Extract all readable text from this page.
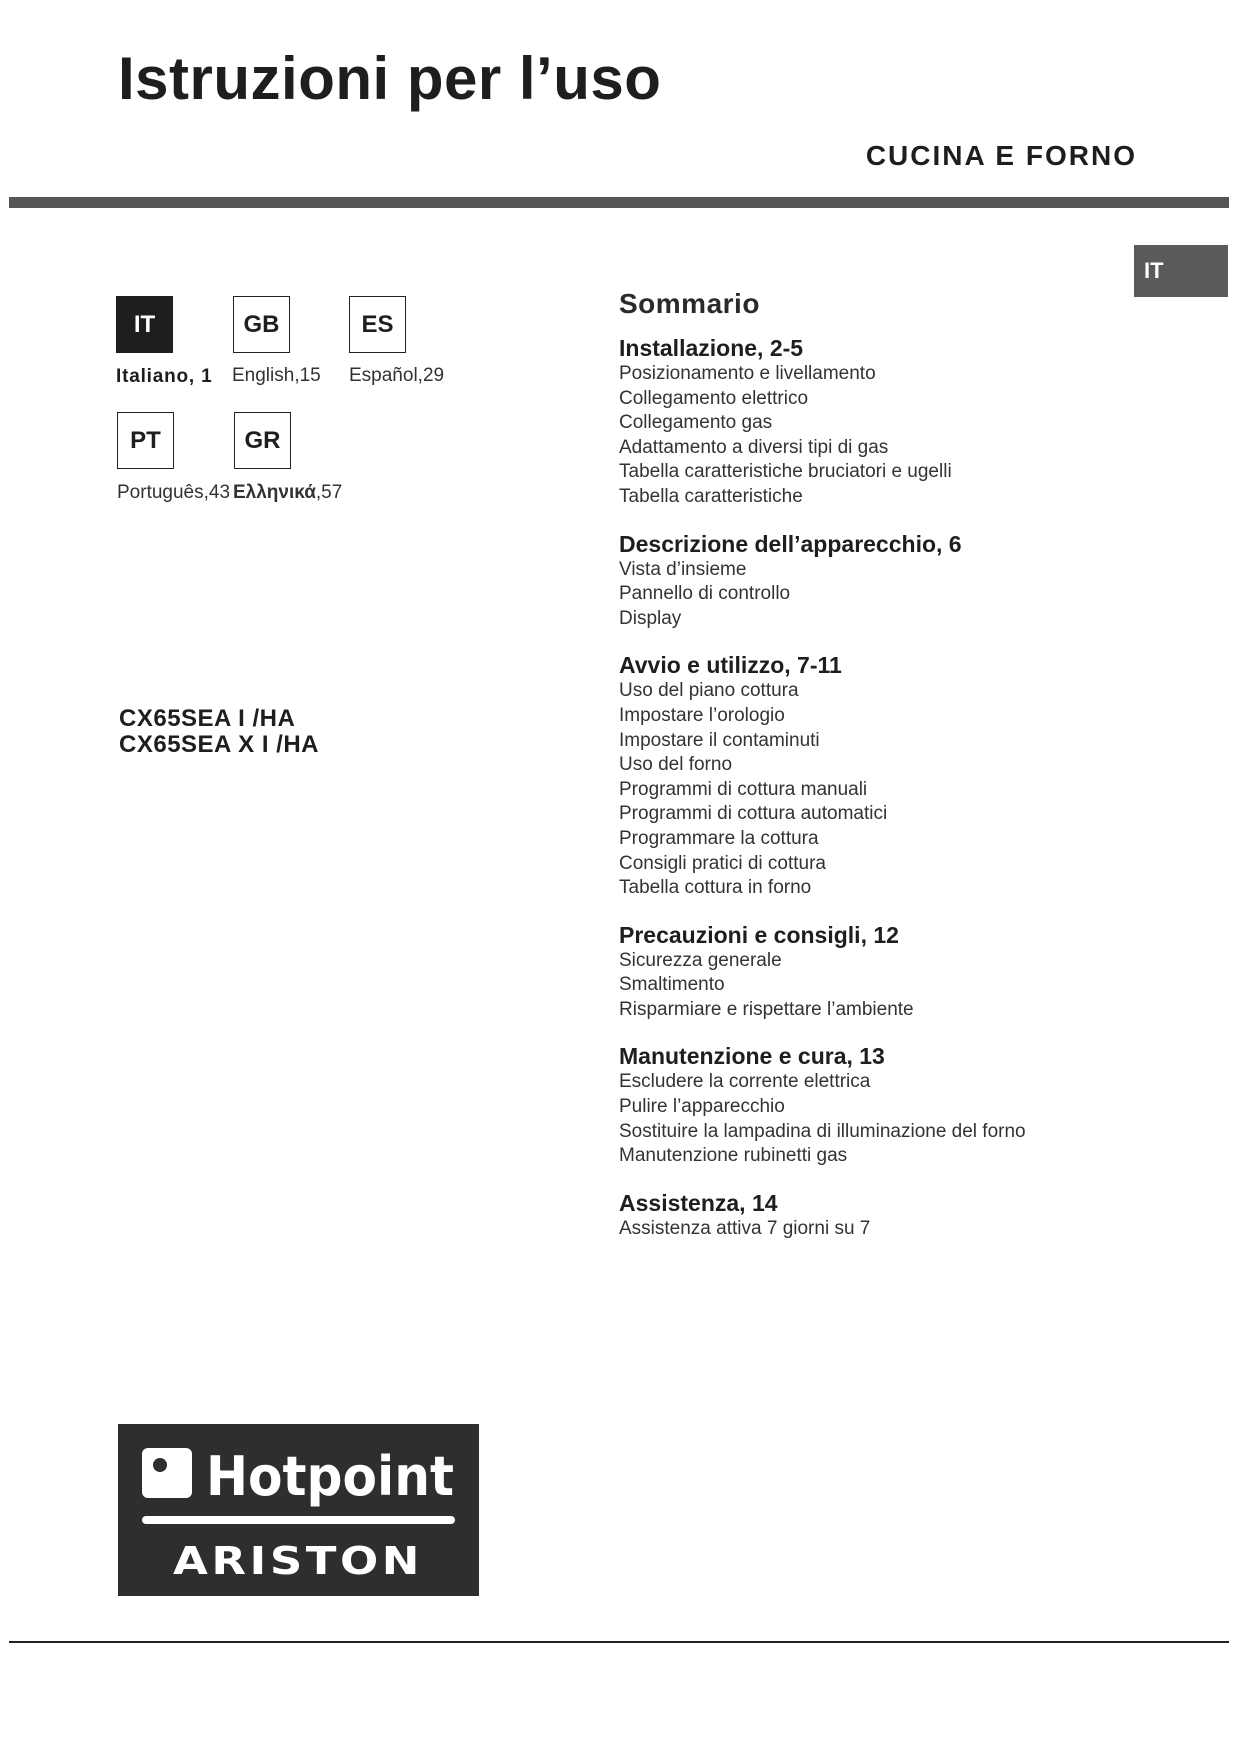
Istruzioni per l’uso
CUCINA E FORNO
IT
IT	GB	ES
Italiano, 1 English,15 Español,29
PT	GR
Português,43 Ελληνικά,57
CX65SEA I /HA
CX65SEA X I /HA
Sommario
Installazione, 2-5
Posizionamento e livellamento
Collegamento elettrico
Collegamento gas
Adattamento a diversi tipi di gas
Tabella caratteristiche bruciatori e ugelli
Tabella caratteristiche
Descrizione dell’apparecchio, 6
Vista d’insieme
Pannello di controllo
Display
Avvio e utilizzo, 7-11
Uso del piano cottura
Impostare l’orologio
Impostare il contaminuti
Uso del forno
Programmi di cottura manuali
Programmi di cottura automatici
Programmare la cottura
Consigli pratici di cottura
Tabella cottura in forno
Precauzioni e consigli, 12
Sicurezza generale
Smaltimento
Risparmiare e rispettare l’ambiente
Manutenzione e cura, 13
Escludere la corrente elettrica
Pulire l’apparecchio
Sostituire la lampadina di illuminazione del forno
Manutenzione rubinetti gas
Assistenza, 14
Assistenza attiva 7 giorni su 7
Hotpoint
ARISTON
